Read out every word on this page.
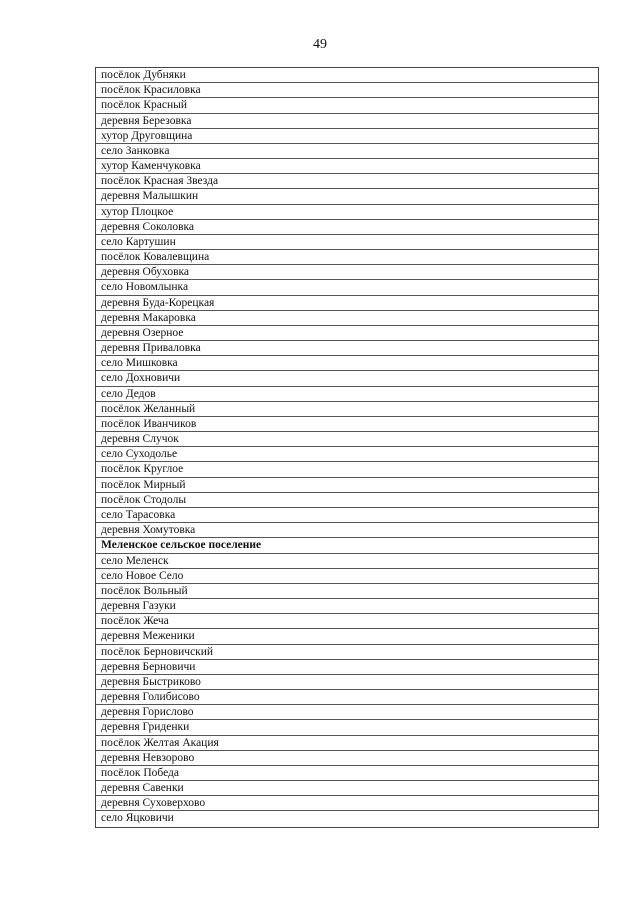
49
посёлок Дубняки
посёлок Красиловка
посёлок Красный
деревня Березовка
хутор Друговщина
село Занковка
хутор Каменчуковка
посёлок Красная Звезда
деревня Малышкин
хутор Плоцкое
деревня Соколовка
село Картушин
посёлок Ковалевщина
деревня Обуховка
село Новомлынка
деревня Буда-Корецкая
деревня Макаровка
деревня Озерное
деревня Приваловка
село Мишковка
село Дохновичи
село Дедов
посёлок Желанный
посёлок Иванчиков
деревня Случок
село Суходолье
посёлок Круглое
посёлок Мирный
посёлок Стодолы
село Тарасовка
деревня Хомутовка
Меленское сельское поселение
село Меленск
село Новое Село
посёлок Вольный
деревня Газуки
посёлок Жеча
деревня Меженики
посёлок Берновичский
деревня Берновичи
деревня Быстриково
деревня Голибисово
деревня Горислово
деревня Гриденки
посёлок Желтая Акация
деревня Невзорово
посёлок Победа
деревня Савенки
деревня Суховерхово
село Яцковичи
